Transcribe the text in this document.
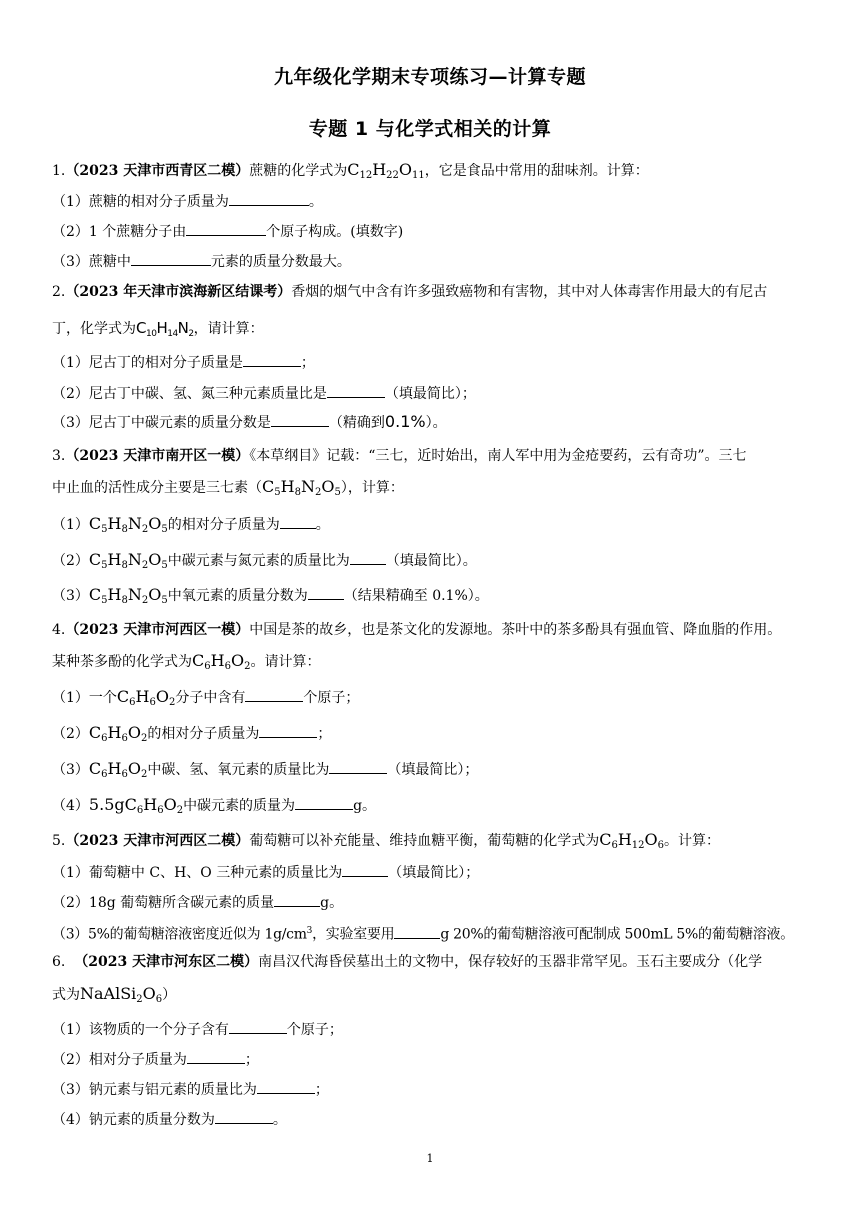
九年级化学期末专项练习—计算专题
专题 1 与化学式相关的计算
1.（2023 天津市西青区二模）蔗糖的化学式为$C_{12}H_{22}O_{11}$，它是食品中常用的甜味剂。计算：
（1）蔗糖的相对分子质量为	。
（2）1 个蔗糖分子由	个原子构成。(填数字)
（3）蔗糖中	元素的质量分数最大。
2.（2023 年天津市滨海新区结课考）香烟的烟气中含有许多强致癌物和有害物，其中对人体毒害作用最大的有尼古
丁，化学式为$C_{10}H_{14}N_2$，请计算：
（1）尼古丁的相对分子质量是	；
（2）尼古丁中碳、氢、氮三种元素质量比是	（填最简比）；
（3）尼古丁中碳元素的质量分数是	（精确到0.1%）。
3.（2023 天津市南开区一模）《本草纲目》记载：“三七，近时始出，南人军中用为金疮要药，云有奇功”。三七
中止血的活性成分主要是三七素$(C_5H_8N_2O_5)$，计算：
$(1)C_5H_8N_2O_5$的相对分子质量为	。
$(2)C_5H_8N_2O_5$中碳元素与氮元素的质量比为	（填最简比）。
$(3)C_5H_8N_2O_5$中氧元素的质量分数为	（结果精确至 0.1%）。
4.（2023 天津市河西区一模）中国是茶的故乡，也是茶文化的发源地。茶叶中的茶多酚具有强血管、降血脂的作用。
某种茶多酚的化学式为$C_6H_6O_2$。请计算：
（1）一个$C_6H_6O_2$分子中含有	个原子；
$(2)C_6H_6O_2$的相对分子质量为	；
$(3)C_6H_6O_2$中碳、氢、氧元素的质量比为	（填最简比）；
$(4)5.5gC_6H_6O_2$中碳元素的质量为	g。
5.（2023 天津市河西区二模）葡萄糖可以补充能量、维持血糖平衡，葡萄糖的化学式为$C_6H_{12}O_6$。计算：
（1）葡萄糖中 C、H、O 三种元素的质量比为	（填最简比）；
（2）18g 葡萄糖所含碳元素的质量	g。
（3）5%的葡萄糖溶液密度近似为 $1g/cm^3$，实验室要用	g 20%的葡萄糖溶液可配制成 500mL 5%的葡萄糖溶液。
6. （2023 天津市河东区二模）南昌汉代海昏侯墓出土的文物中，保存较好的玉器非常罕见。玉石主要成分（化学
式为$NaAlSi_2O_6$）
（1）该物质的一个分子含有	个原子；
（2）相对分子质量为	；
（3）钠元素与铝元素的质量比为	；
（4）钠元素的质量分数为	。
1
